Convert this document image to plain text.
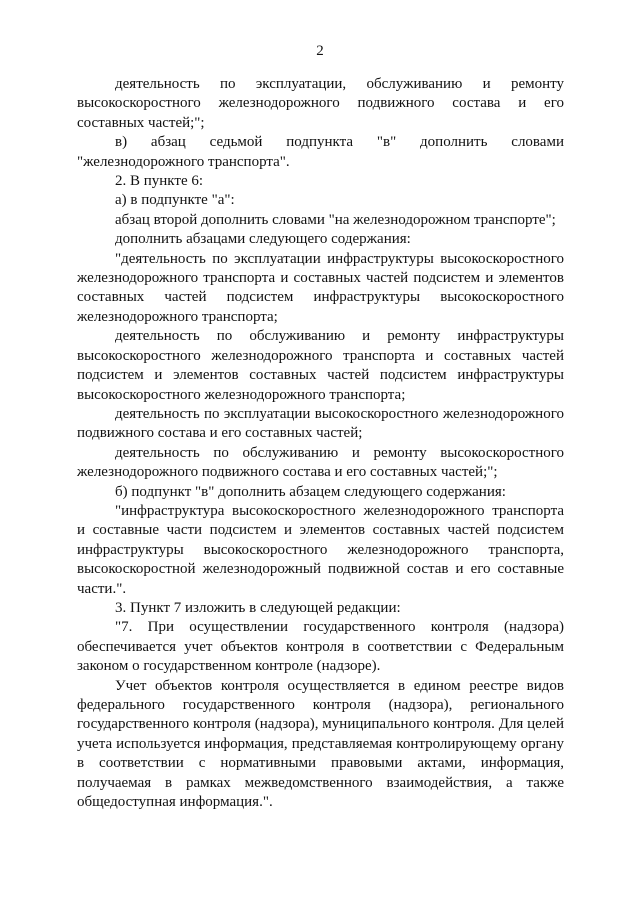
2

деятельность по эксплуатации, обслуживанию и ремонту высокоскоростного железнодорожного подвижного состава и его составных частей;";

в) абзац седьмой подпункта "в" дополнить словами "железнодорожного транспорта".

2. В пункте 6:

а) в подпункте "а":

абзац второй дополнить словами "на железнодорожном транспорте";

дополнить абзацами следующего содержания:

"деятельность по эксплуатации инфраструктуры высокоскоростного железнодорожного транспорта и составных частей подсистем и элементов составных частей подсистем инфраструктуры высокоскоростного железнодорожного транспорта;

деятельность по обслуживанию и ремонту инфраструктуры высокоскоростного железнодорожного транспорта и составных частей подсистем и элементов составных частей подсистем инфраструктуры высокоскоростного железнодорожного транспорта;

деятельность по эксплуатации высокоскоростного железнодорожного подвижного состава и его составных частей;

деятельность по обслуживанию и ремонту высокоскоростного железнодорожного подвижного состава и его составных частей;";

б) подпункт "в" дополнить абзацем следующего содержания:

"инфраструктура высокоскоростного железнодорожного транспорта и составные части подсистем и элементов составных частей подсистем инфраструктуры высокоскоростного железнодорожного транспорта, высокоскоростной железнодорожный подвижной состав и его составные части.".

3. Пункт 7 изложить в следующей редакции:

"7. При осуществлении государственного контроля (надзора) обеспечивается учет объектов контроля в соответствии с Федеральным законом о государственном контроле (надзоре).

Учет объектов контроля осуществляется в едином реестре видов федерального государственного контроля (надзора), регионального государственного контроля (надзора), муниципального контроля. Для целей учета используется информация, представляемая контролирующему органу в соответствии с нормативными правовыми актами, информация, получаемая в рамках межведомственного взаимодействия, а также общедоступная информация.".
